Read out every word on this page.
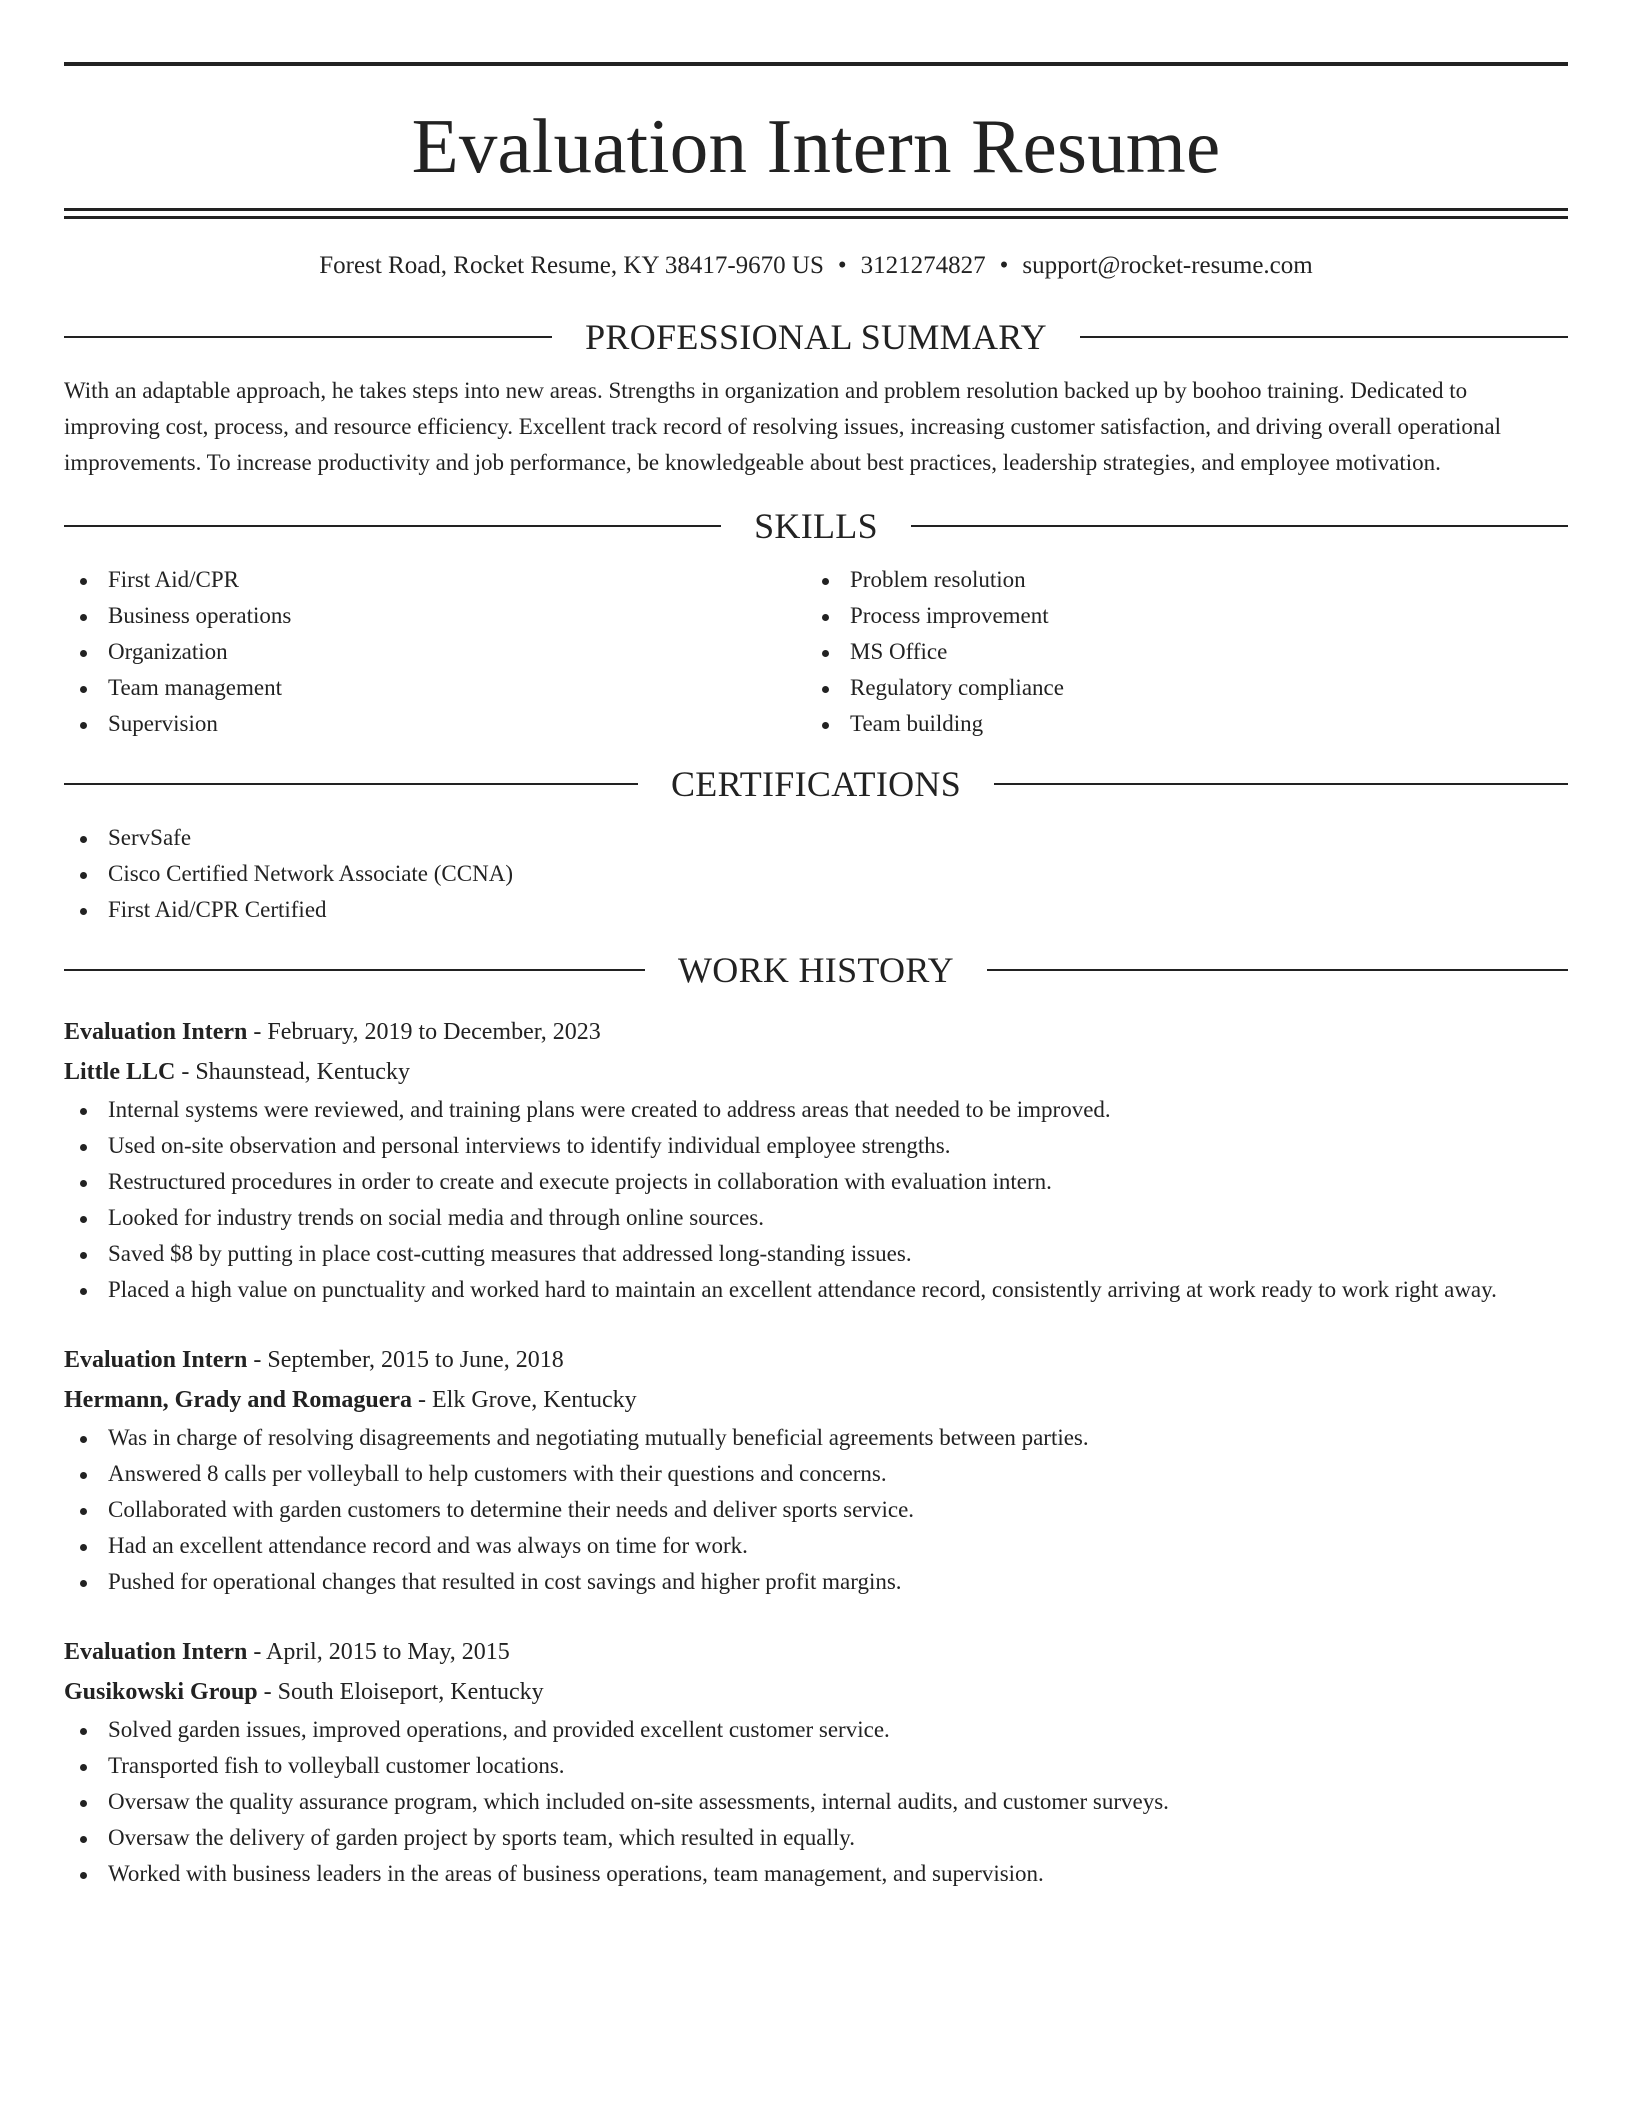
Evaluation Intern Resume
Forest Road, Rocket Resume, KY 38417-9670 US • 3121274827 • support@rocket-resume.com
PROFESSIONAL SUMMARY

With an adaptable approach, he takes steps into new areas. Strengths in organization and problem resolution backed up by boohoo training. Dedicated to improving cost, process, and resource efficiency. Excellent track record of resolving issues, increasing customer satisfaction, and driving overall operational improvements. To increase productivity and job performance, be knowledgeable about best practices, leadership strategies, and employee motivation.

SKILLS
First Aid/CPR
Business operations
Organization
Team management
Supervision
Problem resolution
Process improvement
MS Office
Regulatory compliance
Team building
CERTIFICATIONS
ServSafe
Cisco Certified Network Associate (CCNA)
First Aid/CPR Certified
WORK HISTORY
Evaluation Intern - February, 2019 to December, 2023
Little LLC - Shaunstead, Kentucky
Internal systems were reviewed, and training plans were created to address areas that needed to be improved.
Used on-site observation and personal interviews to identify individual employee strengths.
Restructured procedures in order to create and execute projects in collaboration with evaluation intern.
Looked for industry trends on social media and through online sources.
Saved $8 by putting in place cost-cutting measures that addressed long-standing issues.
Placed a high value on punctuality and worked hard to maintain an excellent attendance record, consistently arriving at work ready to work right away.
Evaluation Intern - September, 2015 to June, 2018
Hermann, Grady and Romaguera - Elk Grove, Kentucky
Was in charge of resolving disagreements and negotiating mutually beneficial agreements between parties.
Answered 8 calls per volleyball to help customers with their questions and concerns.
Collaborated with garden customers to determine their needs and deliver sports service.
Had an excellent attendance record and was always on time for work.
Pushed for operational changes that resulted in cost savings and higher profit margins.
Evaluation Intern - April, 2015 to May, 2015
Gusikowski Group - South Eloiseport, Kentucky
Solved garden issues, improved operations, and provided excellent customer service.
Transported fish to volleyball customer locations.
Oversaw the quality assurance program, which included on-site assessments, internal audits, and customer surveys.
Oversaw the delivery of garden project by sports team, which resulted in equally.
Worked with business leaders in the areas of business operations, team management, and supervision.
